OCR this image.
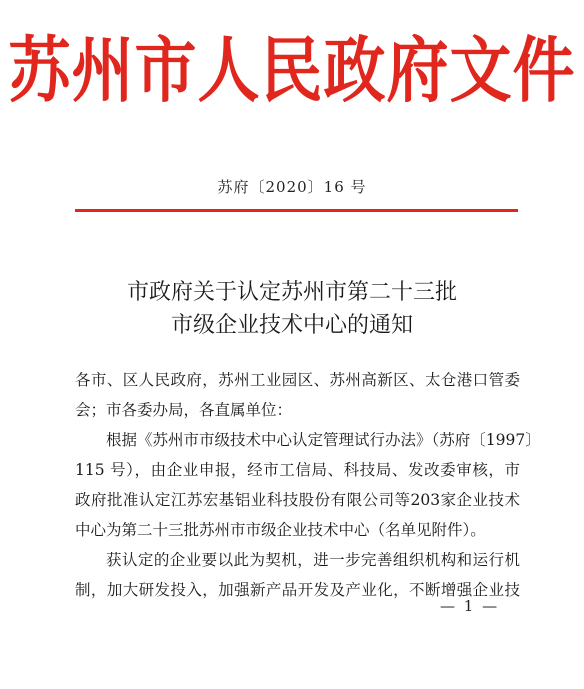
苏州市人民政府文件
苏府〔2020〕16 号
市政府关于认定苏州市第二十三批
市级企业技术中心的通知
各市、区人民政府，苏州工业园区、苏州高新区、太仓港口管委
会；市各委办局，各直属单位：
根据《苏州市市级技术中心认定管理试行办法》（苏府〔1997〕
115 号），由企业申报，经市工信局、科技局、发改委审核，市
政府批准认定江苏宏基铝业科技股份有限公司等203家企业技术
中心为第二十三批苏州市市级企业技术中心（名单见附件）。
获认定的企业要以此为契机，进一步完善组织机构和运行机
制，加大研发投入，加强新产品开发及产业化，不断增强企业技
— 1 —
